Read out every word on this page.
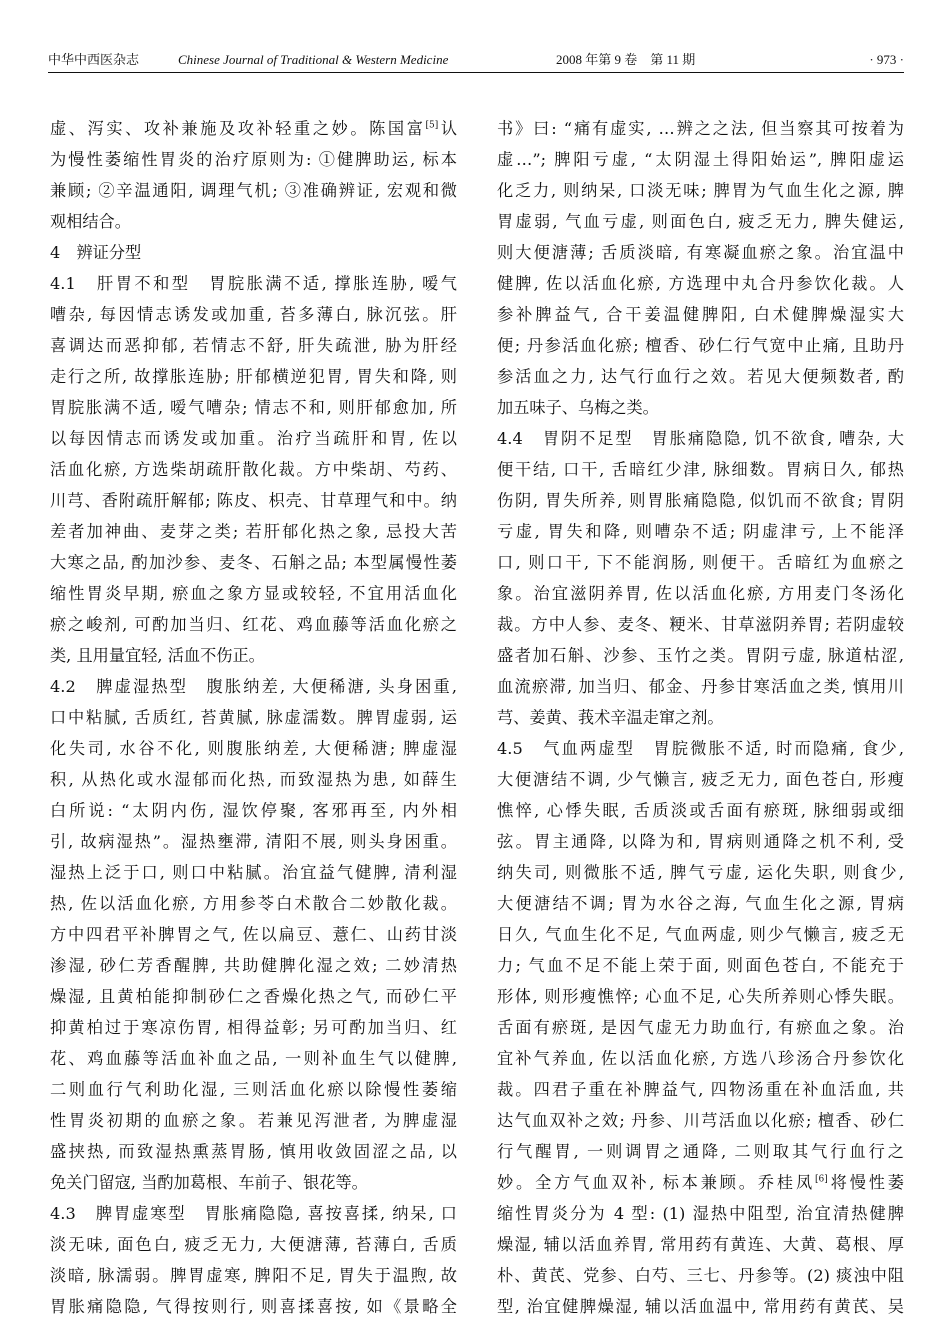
中华中西医杂志	Chinese Journal of Traditional & Western Medicine	2008 年第 9 卷　第 11 期	· 973 ·
虚、泻实、攻补兼施及攻补轻重之妙。陈国富[5]认
为慢性萎缩性胃炎的治疗原则为: ①健脾助运, 标本
兼顾; ②辛温通阳, 调理气机; ③准确辨证, 宏观和微
观相结合。
4　辨证分型
4.1　肝胃不和型　胃脘胀满不适, 撑胀连胁, 嗳气
嘈杂, 每因情志诱发或加重, 苔多薄白, 脉沉弦。肝
喜调达而恶抑郁, 若情志不舒, 肝失疏泄, 胁为肝经
走行之所, 故撑胀连胁; 肝郁横逆犯胃, 胃失和降, 则
胃脘胀满不适, 嗳气嘈杂; 情志不和, 则肝郁愈加, 所
以每因情志而诱发或加重。治疗当疏肝和胃, 佐以
活血化瘀, 方选柴胡疏肝散化裁。方中柴胡、芍药、
川芎、香附疏肝解郁; 陈皮、枳壳、甘草理气和中。纳
差者加神曲、麦芽之类; 若肝郁化热之象, 忌投大苦
大寒之品, 酌加沙参、麦冬、石斛之品; 本型属慢性萎
缩性胃炎早期, 瘀血之象方显或较轻, 不宜用活血化
瘀之峻剂, 可酌加当归、红花、鸡血藤等活血化瘀之
类, 且用量宜轻, 活血不伤正。
4.2　脾虚湿热型　腹胀纳差, 大便稀溏, 头身困重,
口中粘腻, 舌质红, 苔黄腻, 脉虚濡数。脾胃虚弱, 运
化失司, 水谷不化, 则腹胀纳差, 大便稀溏; 脾虚湿
积, 从热化或水湿郁而化热, 而致湿热为患, 如薛生
白所说: “太阴内伤, 湿饮停聚, 客邪再至, 内外相
引, 故病湿热”。湿热壅滞, 清阳不展, 则头身困重。
湿热上泛于口, 则口中粘腻。治宜益气健脾, 清利湿
热, 佐以活血化瘀, 方用参苓白术散合二妙散化裁。
方中四君平补脾胃之气, 佐以扁豆、薏仁、山药甘淡
渗湿, 砂仁芳香醒脾, 共助健脾化湿之效; 二妙清热
燥湿, 且黄柏能抑制砂仁之香燥化热之气, 而砂仁平
抑黄柏过于寒凉伤胃, 相得益彰; 另可酌加当归、红
花、鸡血藤等活血补血之品, 一则补血生气以健脾,
二则血行气利助化湿, 三则活血化瘀以除慢性萎缩
性胃炎初期的血瘀之象。若兼见泻泄者, 为脾虚湿
盛挟热, 而致湿热熏蒸胃肠, 慎用收敛固涩之品, 以
免关门留寇, 当酌加葛根、车前子、银花等。
4.3　脾胃虚寒型　胃胀痛隐隐, 喜按喜揉, 纳呆, 口
淡无味, 面色白, 疲乏无力, 大便溏薄, 苔薄白, 舌质
淡暗, 脉濡弱。脾胃虚寒, 脾阳不足, 胃失于温煦, 故
胃胀痛隐隐, 气得按则行, 则喜揉喜按, 如《景略全
书》曰: “痛有虚实, …辨之之法, 但当察其可按着为
虚…”; 脾阳亏虚, “太阴湿土得阳始运”, 脾阳虚运
化乏力, 则纳呆, 口淡无味; 脾胃为气血生化之源, 脾
胃虚弱, 气血亏虚, 则面色白, 疲乏无力, 脾失健运,
则大便溏薄; 舌质淡暗, 有寒凝血瘀之象。治宜温中
健脾, 佐以活血化瘀, 方选理中丸合丹参饮化裁。人
参补脾益气, 合干姜温健脾阳, 白术健脾燥湿实大
便; 丹参活血化瘀; 檀香、砂仁行气宽中止痛, 且助丹
参活血之力, 达气行血行之效。若见大便频数者, 酌
加五味子、乌梅之类。
4.4　胃阴不足型　胃胀痛隐隐, 饥不欲食, 嘈杂, 大
便干结, 口干, 舌暗红少津, 脉细数。胃病日久, 郁热
伤阴, 胃失所养, 则胃胀痛隐隐, 似饥而不欲食; 胃阴
亏虚, 胃失和降, 则嘈杂不适; 阴虚津亏, 上不能泽
口, 则口干, 下不能润肠, 则便干。舌暗红为血瘀之
象。治宜滋阴养胃, 佐以活血化瘀, 方用麦门冬汤化
裁。方中人参、麦冬、粳米、甘草滋阴养胃; 若阴虚较
盛者加石斛、沙参、玉竹之类。胃阴亏虚, 脉道枯涩,
血流瘀滞, 加当归、郁金、丹参甘寒活血之类, 慎用川
芎、姜黄、莪术辛温走窜之剂。
4.5　气血两虚型　胃脘微胀不适, 时而隐痛, 食少,
大便溏结不调, 少气懒言, 疲乏无力, 面色苍白, 形瘦
憔悴, 心悸失眠, 舌质淡或舌面有瘀斑, 脉细弱或细
弦。胃主通降, 以降为和, 胃病则通降之机不利, 受
纳失司, 则微胀不适, 脾气亏虚, 运化失职, 则食少,
大便溏结不调; 胃为水谷之海, 气血生化之源, 胃病
日久, 气血生化不足, 气血两虚, 则少气懒言, 疲乏无
力; 气血不足不能上荣于面, 则面色苍白, 不能充于
形体, 则形瘦憔悴; 心血不足, 心失所养则心悸失眠。
舌面有瘀斑, 是因气虚无力助血行, 有瘀血之象。治
宜补气养血, 佐以活血化瘀, 方选八珍汤合丹参饮化
裁。四君子重在补脾益气, 四物汤重在补血活血, 共
达气血双补之效; 丹参、川芎活血以化瘀; 檀香、砂仁
行气醒胃, 一则调胃之通降, 二则取其气行血行之
妙。全方气血双补, 标本兼顾。乔桂凤[6]将慢性萎
缩性胃炎分为 4 型: (1) 湿热中阻型, 治宜清热健脾
燥湿, 辅以活血养胃, 常用药有黄连、大黄、葛根、厚
朴、黄芪、党参、白芍、三七、丹参等。(2) 痰浊中阻
型, 治宜健脾燥湿, 辅以活血温中, 常用药有黄芪、吴
